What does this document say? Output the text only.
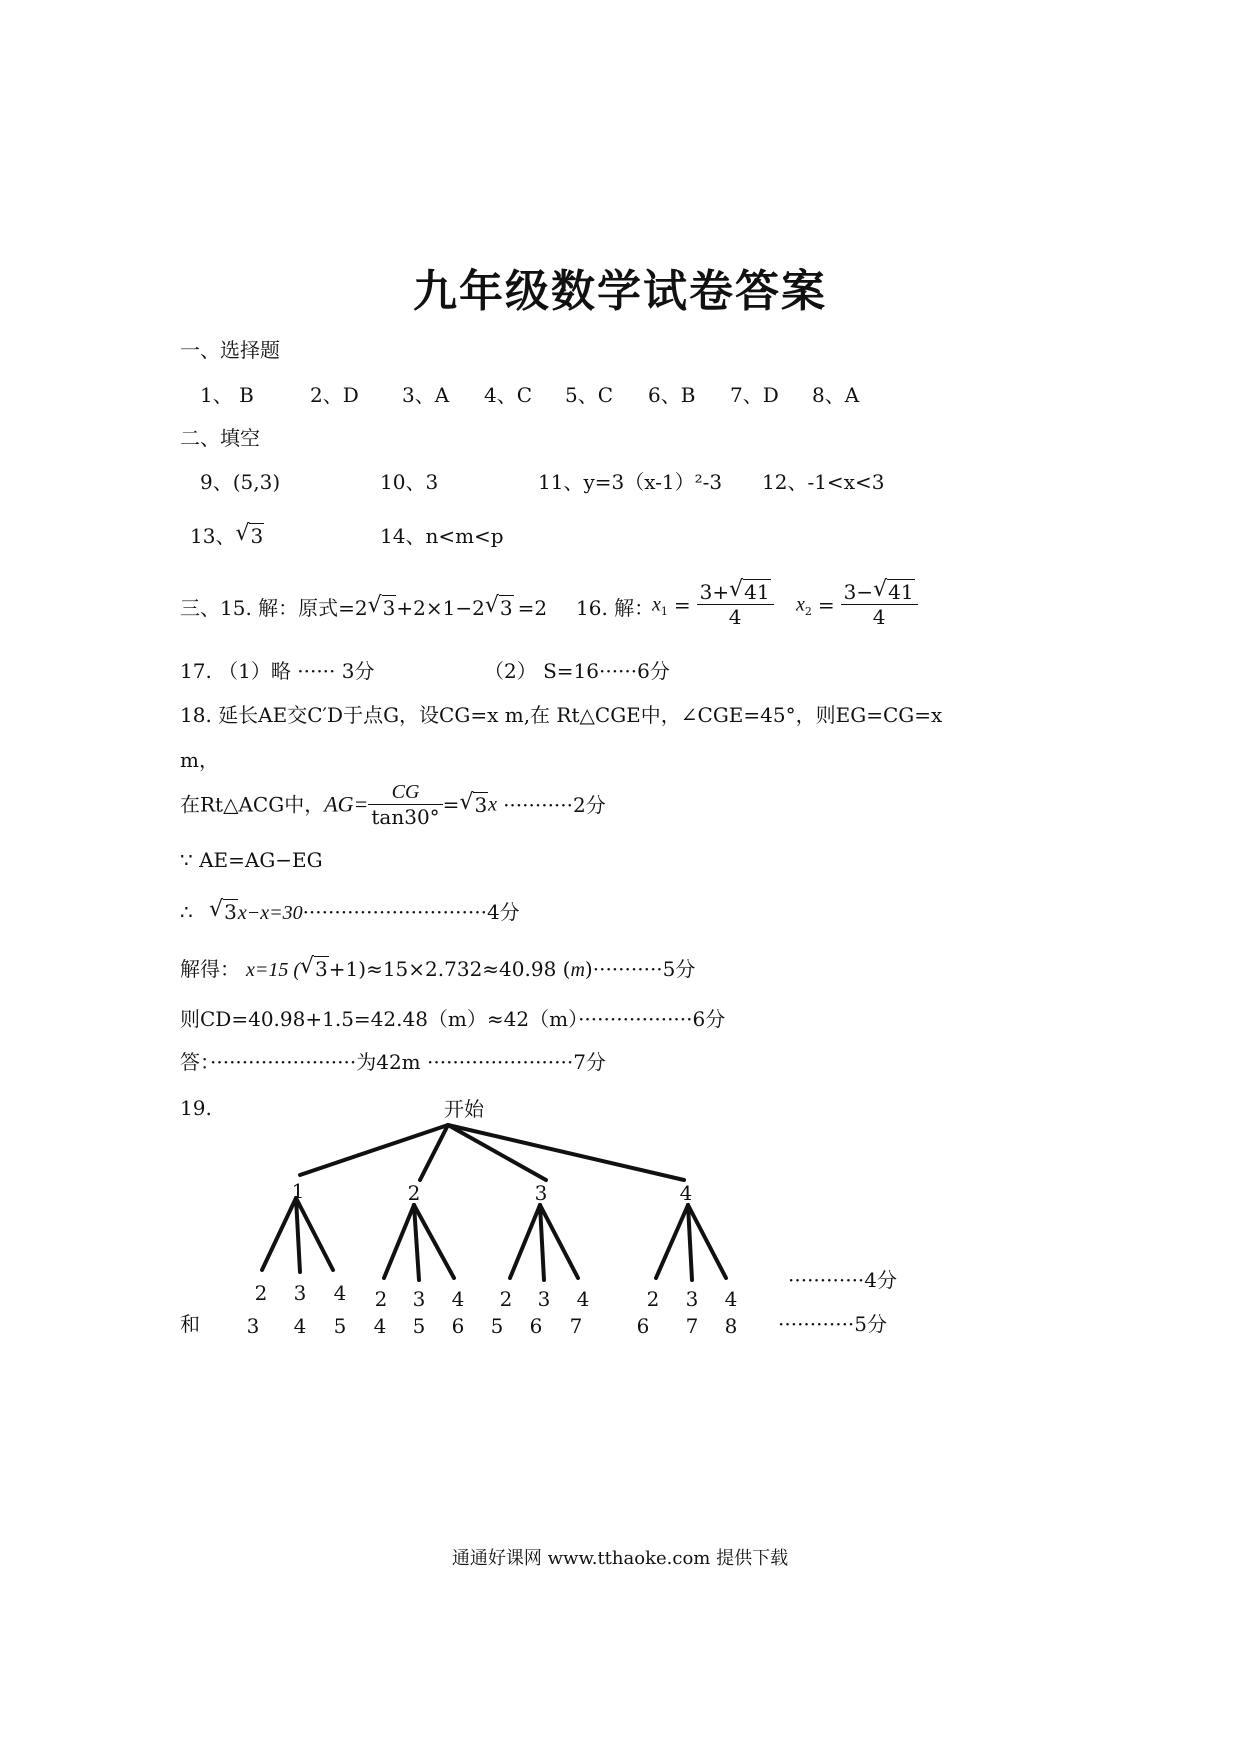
九年级数学试卷答案
一、选择题
1、 B	2、D 3、A 4、C 5、C 6、B 7、D 8、A
二、填空
9、(5,3)	10、3	11、y=3（x-1）²-3 12、-1<x<3
13、 √ 3	14、n<m<p
三、15. 解：原式=2 √ 3+2×1−2 √ 3 =2 16. 解：
$x_1 = \frac{3+ √ 41}{4} x_2 = \frac{3- √ 41}{4}$
17. （1）略 ······ 3分	（2） S=16······6分
18. 延长AE交C′D于点G，设CG=x m,在 Rt△CGE中，∠CGE=45°，则EG=CG=x
m，
在Rt△ACG中，$AG= \frac{CG}{\tan 30^\circ}$ = √ 3x ···········2分
∵ AE=AG−EG
∴ √ 3x−x=30·····························4分
解得： x=15 ( √ 3+1)≈15×2.732≈40.98 (m)···········5分
则CD=40.98+1.5=42.48（m）≈42（m）··················6分
答：·······················为42m ·······················7分
19.	开始
1	2	3	4
2 3 4 2 3 4 2 3 4	2 3 4
············4分
和 3 4 5 4 5 6 5 6 7	6 7 8 ············5分
通通好课网 www.tthaoke.com 提供下载
